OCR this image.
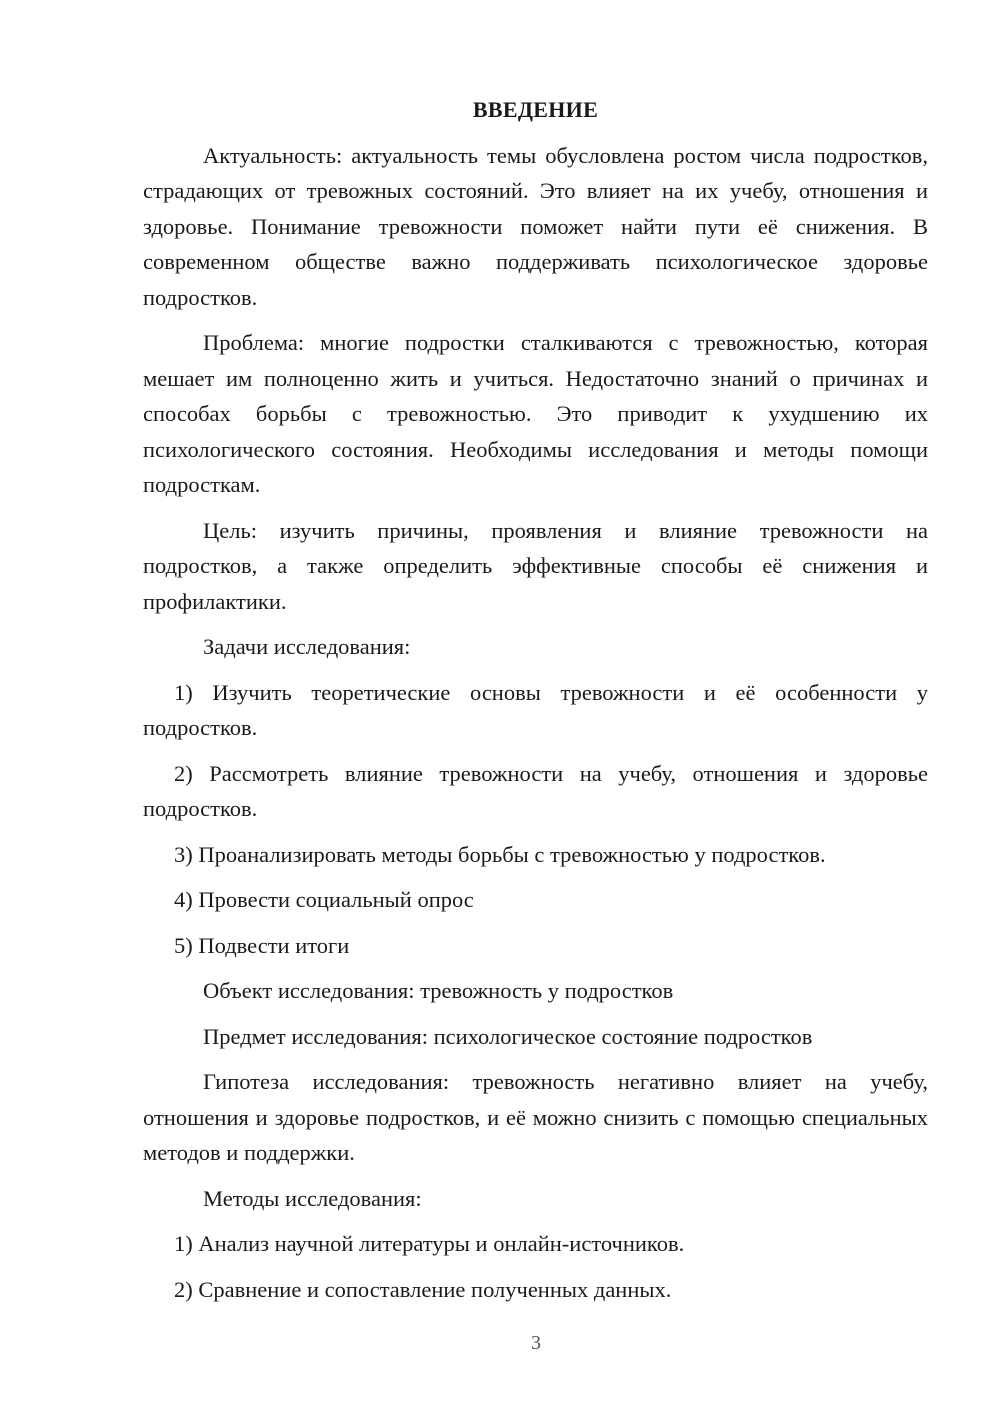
ВВЕДЕНИЕ

Актуальность: актуальность темы обусловлена ростом числа подростков, страдающих от тревожных состояний. Это влияет на их учебу, отношения и здоровье. Понимание тревожности поможет найти пути её снижения. В современном обществе важно поддерживать психологическое здоровье подростков.

Проблема: многие подростки сталкиваются с тревожностью, которая мешает им полноценно жить и учиться. Недостаточно знаний о причинах и способах борьбы с тревожностью. Это приводит к ухудшению их психологического состояния. Необходимы исследования и методы помощи подросткам.

Цель: изучить причины, проявления и влияние тревожности на подростков, а также определить эффективные способы её снижения и профилактики.

Задачи исследования:

1) Изучить теоретические основы тревожности и её особенности у подростков.

2) Рассмотреть влияние тревожности на учебу, отношения и здоровье подростков.

3) Проанализировать методы борьбы с тревожностью у подростков.

4) Провести социальный опрос

5) Подвести итоги

Объект исследования: тревожность у подростков

Предмет исследования: психологическое состояние подростков

Гипотеза исследования: тревожность негативно влияет на учебу, отношения и здоровье подростков, и её можно снизить с помощью специальных методов и поддержки.

Методы исследования:

1) Анализ научной литературы и онлайн-источников.

2) Сравнение и сопоставление полученных данных.

3
